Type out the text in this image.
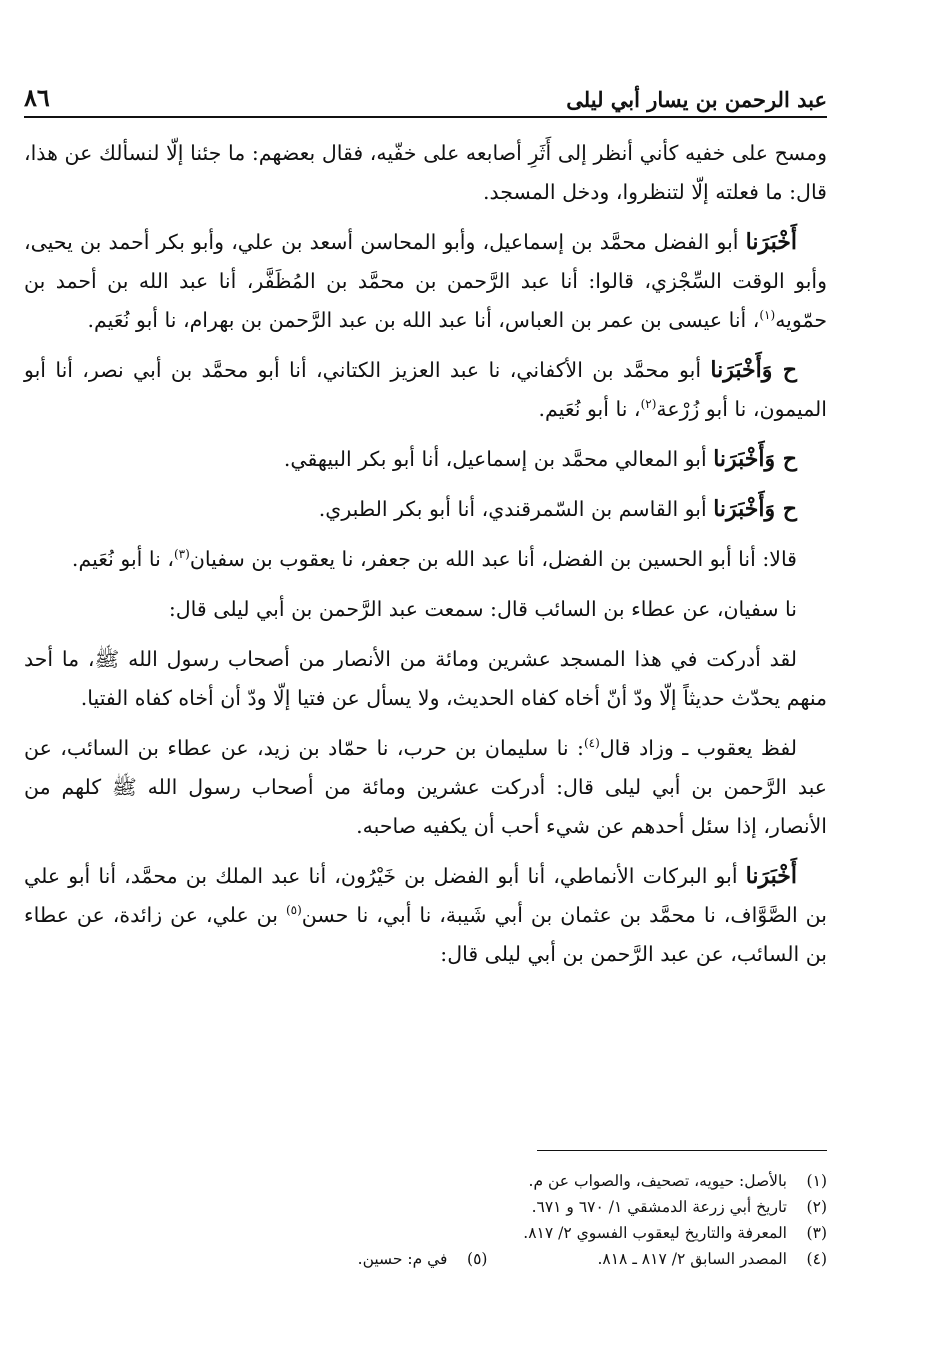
عبد الرحمن بن يسار أبي ليلى
٨٦

ومسح على خفيه كأني أنظر إلى أَثَرِ أصابعه على خفّيه، فقال بعضهم: ما جئنا إلّا لنسألك عن هذا، قال: ما فعلته إلّا لتنظروا، ودخل المسجد.

أَخْبَرَنا أبو الفضل محمَّد بن إسماعيل، وأبو المحاسن أسعد بن علي، وأبو بكر أحمد بن يحيى، وأبو الوقت السِّجْزي، قالوا: أنا عبد الرَّحمن بن محمَّد بن المُظَفَّر، أنا عبد الله بن أحمد بن حمّويه$^{(١)}$، أنا عيسى بن عمر بن العباس، أنا عبد الله بن عبد الرَّحمن بن بهرام، نا أبو نُعَيم.

ح وَأَخْبَرَنا أبو محمَّد بن الأكفاني، نا عبد العزيز الكتاني، أنا أبو محمَّد بن أبي نصر، أنا أبو الميمون، نا أبو زُرْعة$^{(٢)}$، نا أبو نُعَيم.

ح وَأَخْبَرَنا أبو المعالي محمَّد بن إسماعيل، أنا أبو بكر البيهقي.

ح وَأَخْبَرَنا أبو القاسم بن السّمرقندي، أنا أبو بكر الطبري.

قالا: أنا أبو الحسين بن الفضل، أنا عبد الله بن جعفر، نا يعقوب بن سفيان$^{(٣)}$، نا أبو نُعَيم.

نا سفيان، عن عطاء بن السائب قال: سمعت عبد الرَّحمن بن أبي ليلى قال:

لقد أدركت في هذا المسجد عشرين ومائة من الأنصار من أصحاب رسول الله ﷺ، ما أحد منهم يحدّث حديثاً إلّا ودّ أنّ أخاه كفاه الحديث، ولا يسأل عن فتيا إلّا ودّ أن أخاه كفاه الفتيا.

لفظ يعقوب ـ وزاد قال$^{(٤)}$: نا سليمان بن حرب، نا حمّاد بن زيد، عن عطاء بن السائب، عن عبد الرَّحمن بن أبي ليلى قال: أدركت عشرين ومائة من أصحاب رسول الله ﷺ كلهم من الأنصار، إذا سئل أحدهم عن شيء أحب أن يكفيه صاحبه.

أَخْبَرَنا أبو البركات الأنماطي، أنا أبو الفضل بن خَيْرُون، أنا عبد الملك بن محمَّد، أنا أبو علي بن الصَّوَّاف، نا محمَّد بن عثمان بن أبي شَيبة، نا أبي، نا حسن$^{(٥)}$ بن علي، عن زائدة، عن عطاء بن السائب، عن عبد الرَّحمن بن أبي ليلى قال:

(١)بالأصل: حيويه، تصحيف، والصواب عن م.
(٢)تاريخ أبي زرعة الدمشقي ١/ ٦٧٠ و ٦٧١.
(٣)المعرفة والتاريخ ليعقوب الفسوي ٢/ ٨١٧.
(٤)المصدر السابق ٢/ ٨١٧ ـ ٨١٨.
(٥)في م: حسين.
